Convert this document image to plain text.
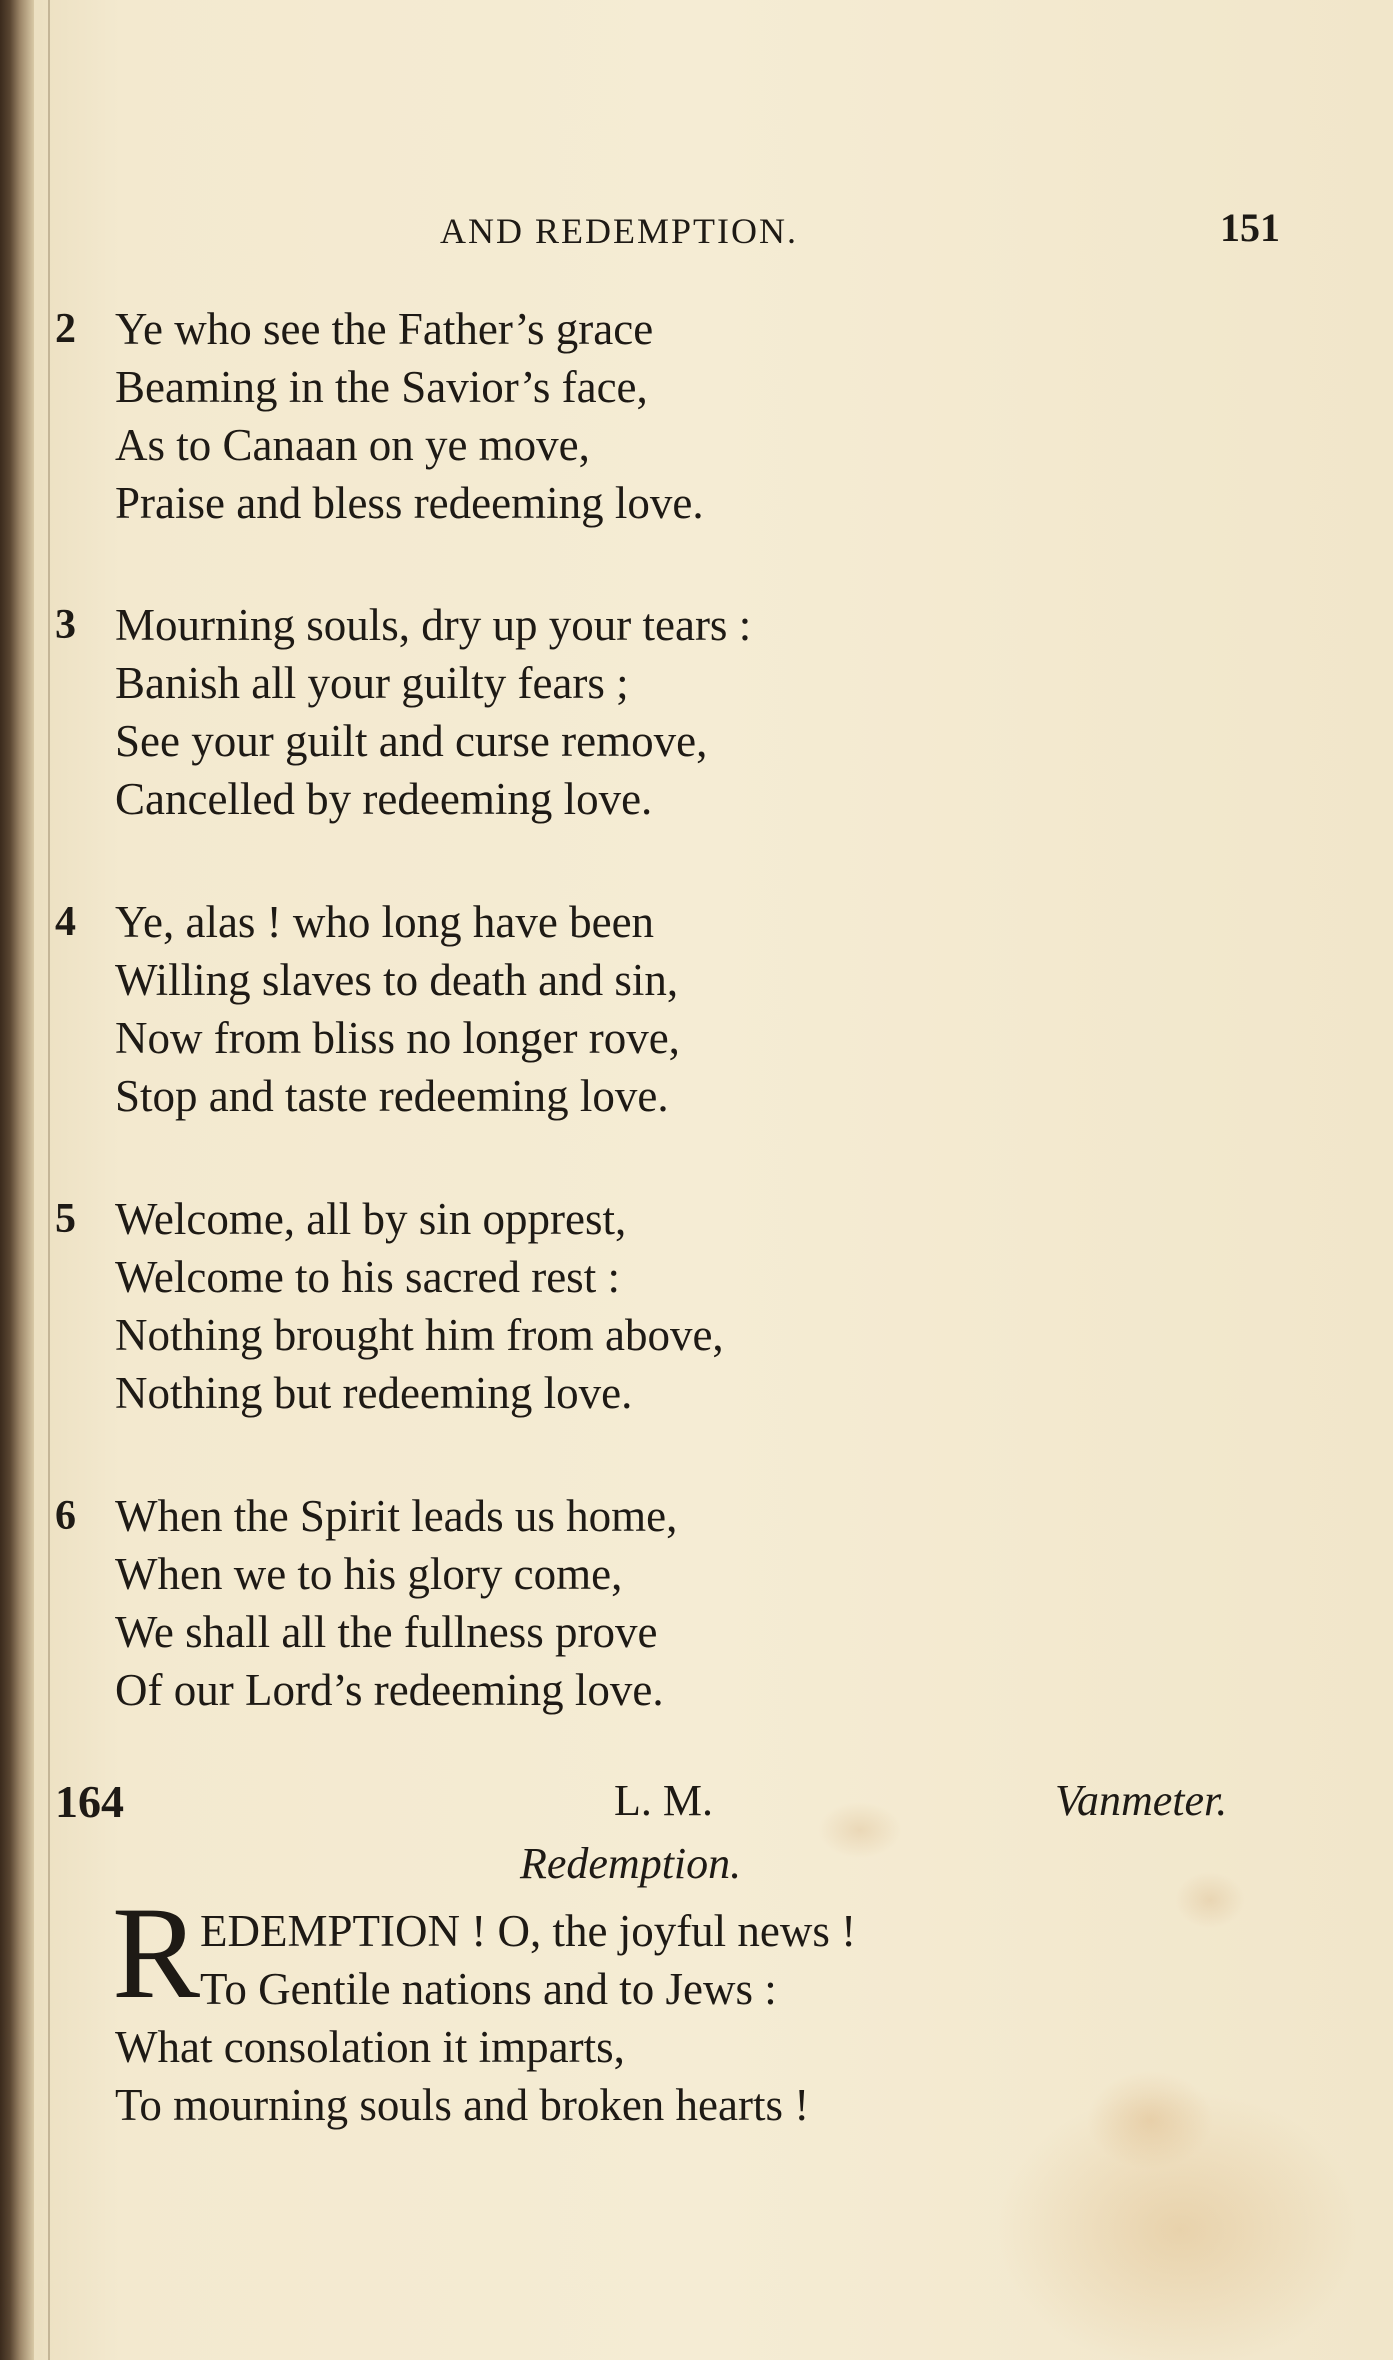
AND REDEMPTION.	151
2 Ye who see the Father’s grace
Beaming in the Savior’s face,
As to Canaan on ye move,
Praise and bless redeeming love.
3 Mourning souls, dry up your tears :
Banish all your guilty fears ;
See your guilt and curse remove,
Cancelled by redeeming love.
4 Ye, alas ! who long have been
Willing slaves to death and sin,
Now from bliss no longer rove,
Stop and taste redeeming love.
5 Welcome, all by sin opprest,
Welcome to his sacred rest :
Nothing brought him from above,
Nothing but redeeming love.
6 When the Spirit leads us home,
When we to his glory come,
We shall all the fullness prove
Of our Lord’s redeeming love.
164	L. M.	Vanmeter.
Redemption.
R EDEMPTION ! O, the joyful news !
To Gentile nations and to Jews :
What consolation it imparts,
To mourning souls and broken hearts !
